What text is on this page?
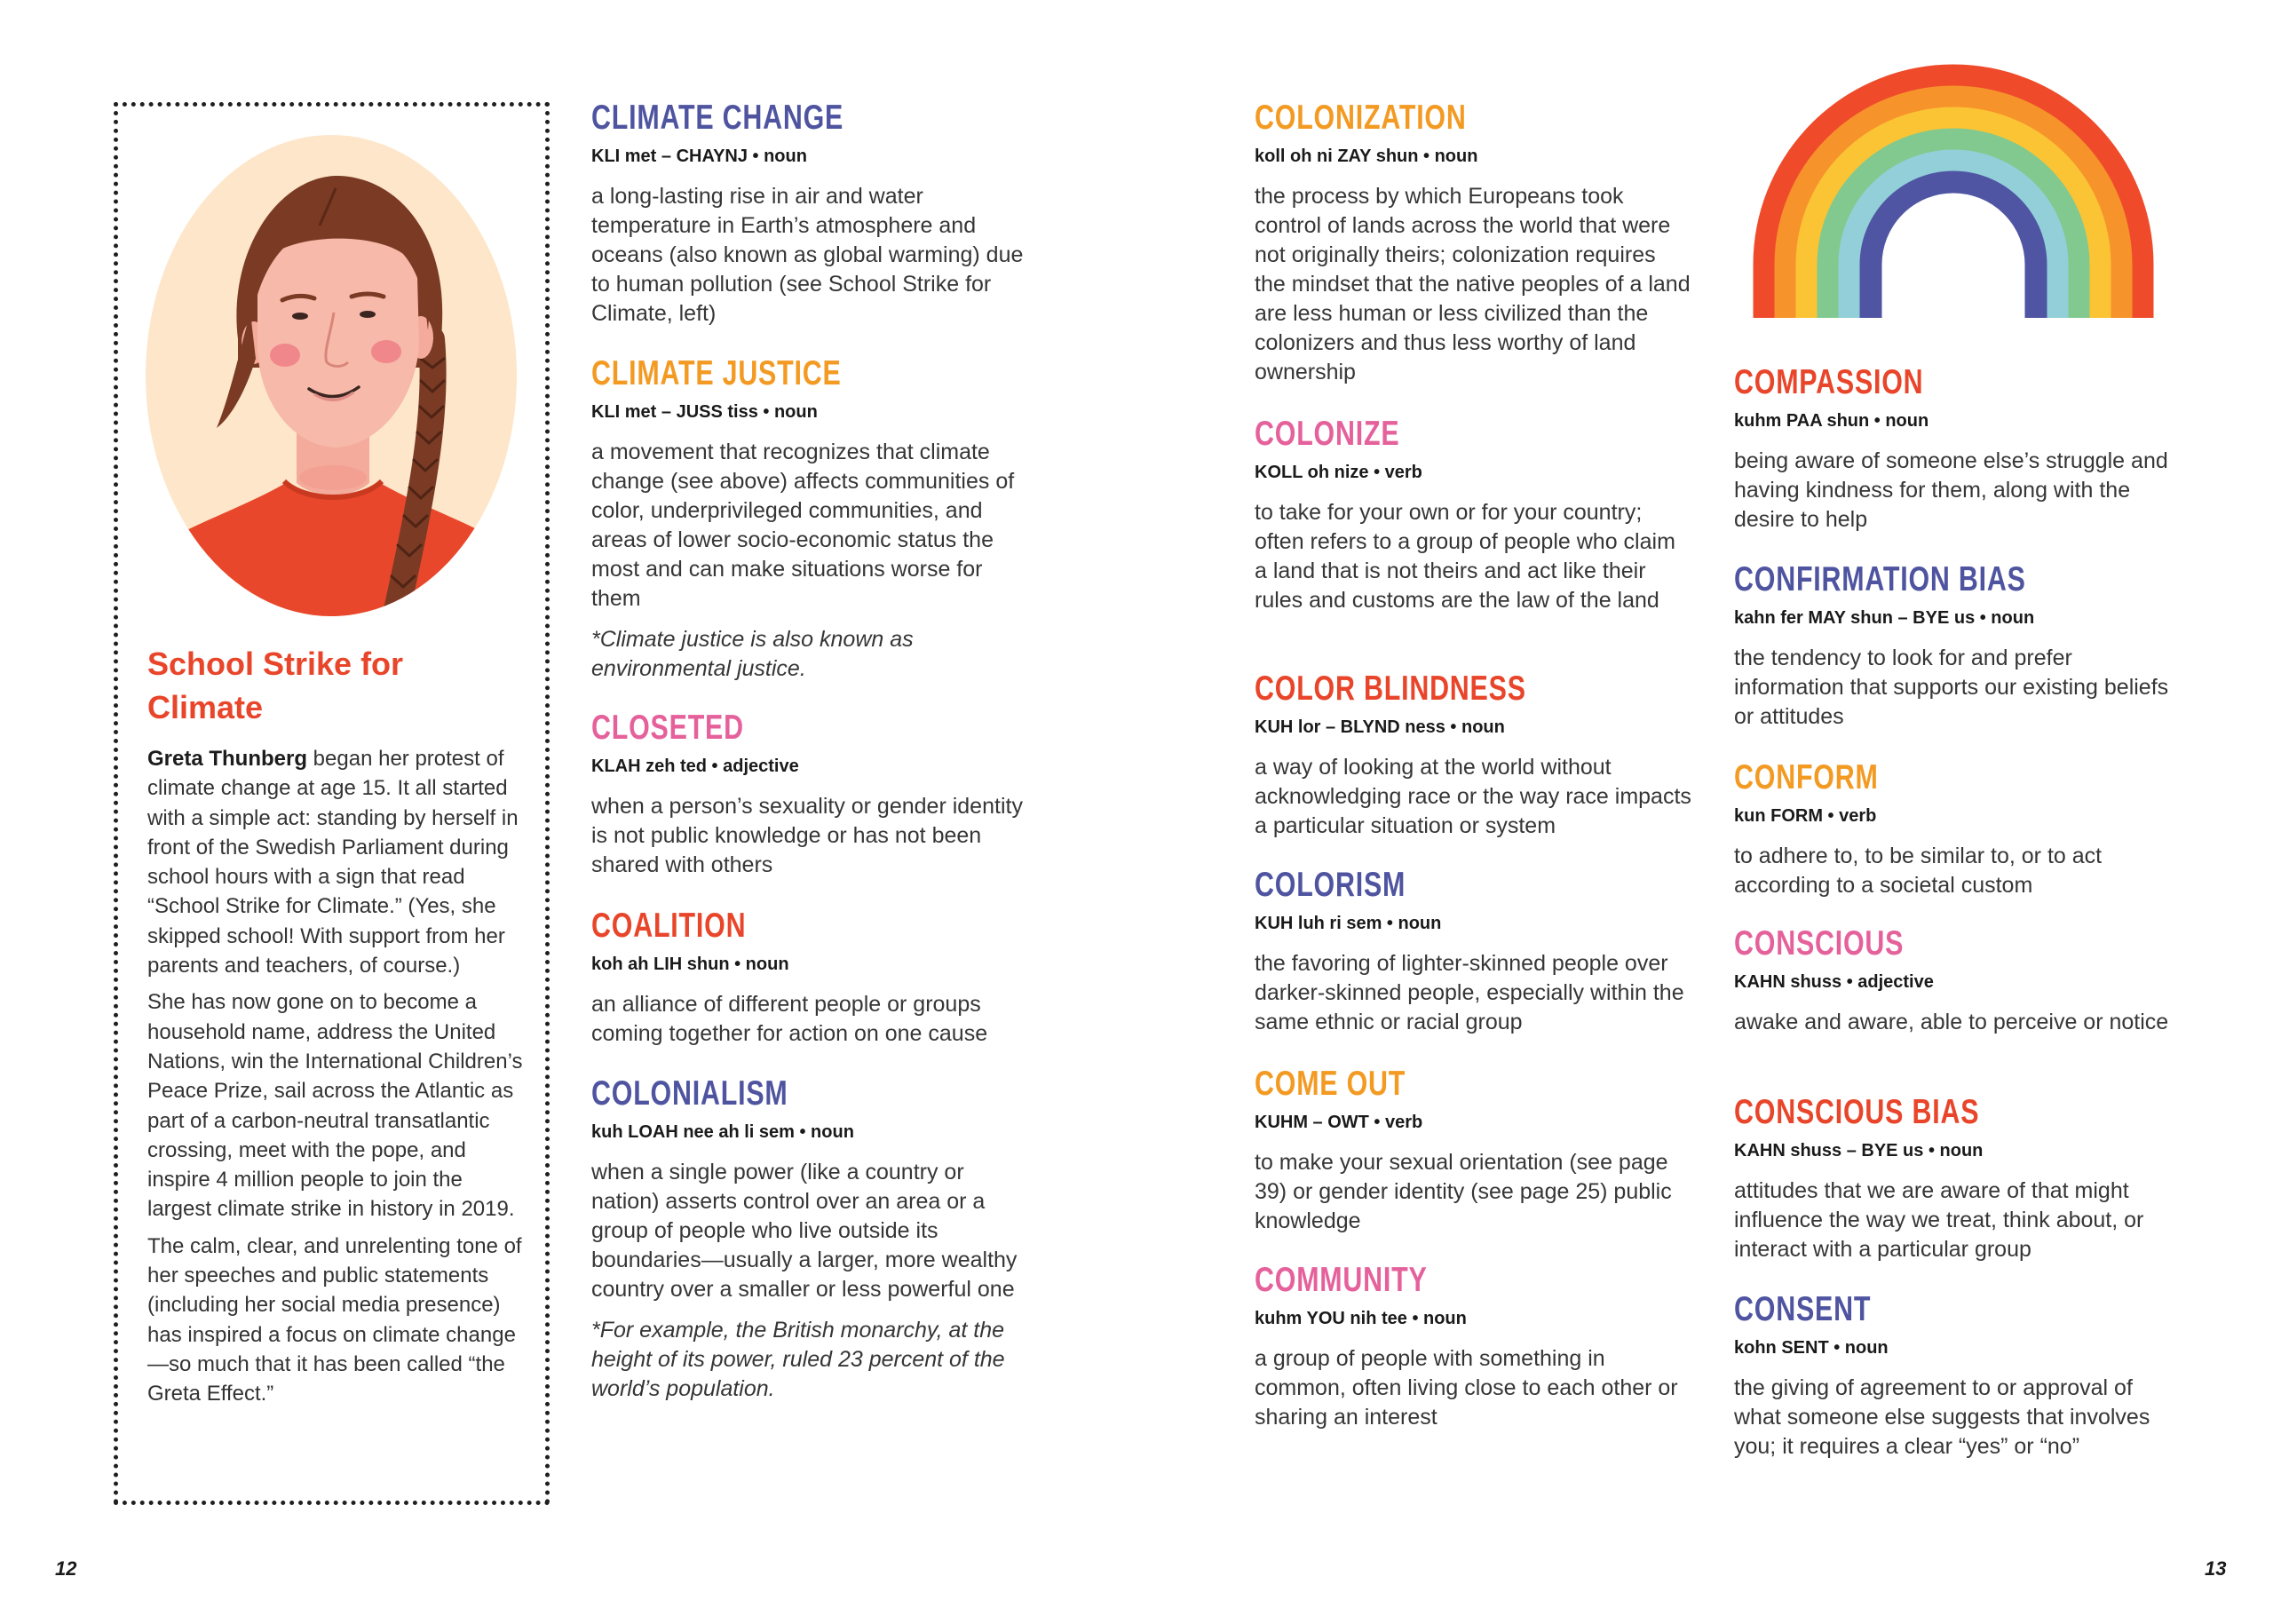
School Strike for Climate

Greta Thunberg began her protest of climate change at age 15. It all started with a simple act: standing by herself in front of the Swedish Parliament during school hours with a sign that read “School Strike for Climate.” (Yes, she skipped school! With support from her parents and teachers, of course.)

She has now gone on to become a household name, address the United Nations, win the International Children’s Peace Prize, sail across the Atlantic as part of a carbon-neutral transatlantic crossing, meet with the pope, and inspire 4 million people to join the largest climate strike in history in 2019.

The calm, clear, and unrelenting tone of her speeches and public statements (including her social media presence) has inspired a focus on climate change—so much that it has been called “the Greta Effect.”

CLIMATE CHANGE

KLI met – CHAYNJ • noun

a long-lasting rise in air and water temperature in Earth’s atmosphere and oceans (also known as global warming) due to human pollution (see School Strike for Climate, left)

CLIMATE JUSTICE

KLI met – JUSS tiss • noun

a movement that recognizes that climate change (see above) affects communities of color, underprivileged communities, and areas of lower socio-economic status the most and can make situations worse for them

*Climate justice is also known as environmental justice.

CLOSETED

KLAH zeh ted • adjective

when a person’s sexuality or gender identity is not public knowledge or has not been shared with others

COALITION

koh ah LIH shun • noun

an alliance of different people or groups coming together for action on one cause

COLONIALISM

kuh LOAH nee ah li sem • noun

when a single power (like a country or nation) asserts control over an area or a group of people who live outside its boundaries—usually a larger, more wealthy country over a smaller or less powerful one

*For example, the British monarchy, at the height of its power, ruled 23 percent of the world’s population.

12

COLONIZATION

koll oh ni ZAY shun • noun

the process by which Europeans took control of lands across the world that were not originally theirs; colonization requires the mindset that the native peoples of a land are less human or less civilized than the colonizers and thus less worthy of land ownership

COLONIZE

KOLL oh nize • verb

to take for your own or for your country; often refers to a group of people who claim a land that is not theirs and act like their rules and customs are the law of the land

COLOR BLINDNESS

KUH lor – BLYND ness • noun

a way of looking at the world without acknowledging race or the way race impacts a particular situation or system

COLORISM

KUH luh ri sem • noun

the favoring of lighter-skinned people over darker-skinned people, especially within the same ethnic or racial group

COME OUT

KUHM – OWT • verb

to make your sexual orientation (see page 39) or gender identity (see page 25) public knowledge

COMMUNITY

kuhm YOU nih tee • noun

a group of people with something in common, often living close to each other or sharing an interest

COMPASSION

kuhm PAA shun • noun

being aware of someone else’s struggle and having kindness for them, along with the desire to help

CONFIRMATION BIAS

kahn fer MAY shun – BYE us • noun

the tendency to look for and prefer information that supports our existing beliefs or attitudes

CONFORM

kun FORM • verb

to adhere to, to be similar to, or to act according to a societal custom

CONSCIOUS

KAHN shuss • adjective

awake and aware, able to perceive or notice

CONSCIOUS BIAS

KAHN shuss – BYE us • noun

attitudes that we are aware of that might influence the way we treat, think about, or interact with a particular group

CONSENT

kohn SENT • noun

the giving of agreement to or approval of what someone else suggests that involves you; it requires a clear “yes” or “no”

13
